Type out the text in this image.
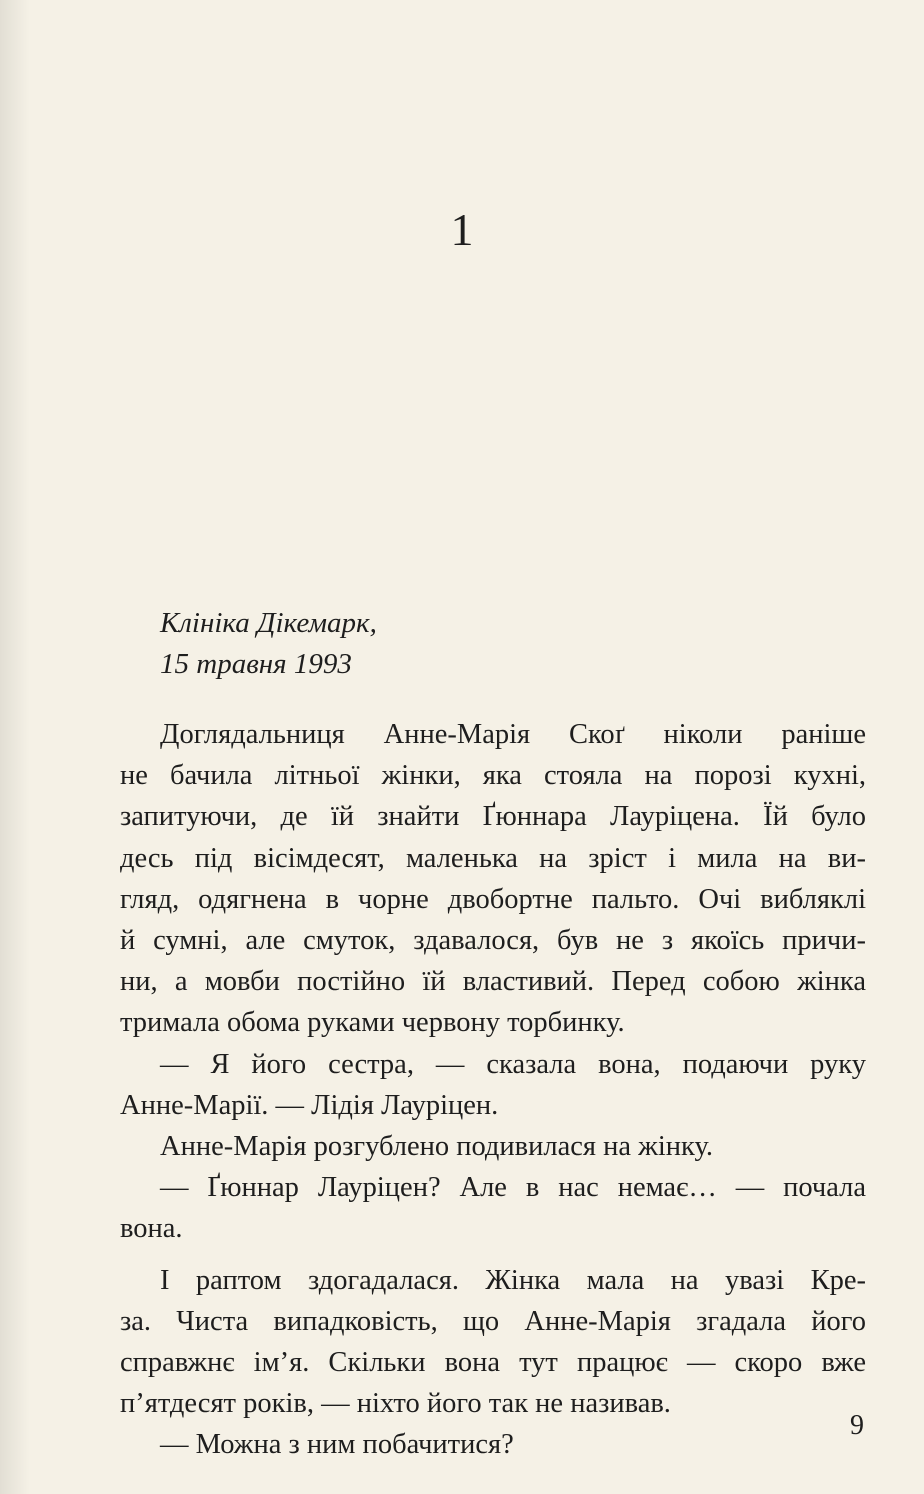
1
Клініка Дікемарк,
15 травня 1993
Доглядальниця Анне-Марія Скоґ ніколи раніше
не бачила літньої жінки, яка стояла на порозі кухні,
запитуючи, де їй знайти Ґюннара Лауріцена. Їй було
десь під вісімдесят, маленька на зріст і мила на ви-
гляд, одягнена в чорне двобортне пальто. Очі вибляклі
й сумні, але смуток, здавалося, був не з якоїсь причи-
ни, а мовби постійно їй властивий. Перед собою жінка
тримала обома руками червону торбинку.
— Я його сестра, — сказала вона, подаючи руку
Анне-Марії. — Лідія Лауріцен.
Анне-Марія розгублено подивилася на жінку.
— Ґюннар Лауріцен? Але в нас немає… — почала
вона.
І раптом здогадалася. Жінка мала на увазі Кре-
за. Чиста випадковість, що Анне-Марія згадала його
справжнє ім’я. Скільки вона тут працює — скоро вже
п’ятдесят років, — ніхто його так не називав.
— Можна з ним побачитися?
9
